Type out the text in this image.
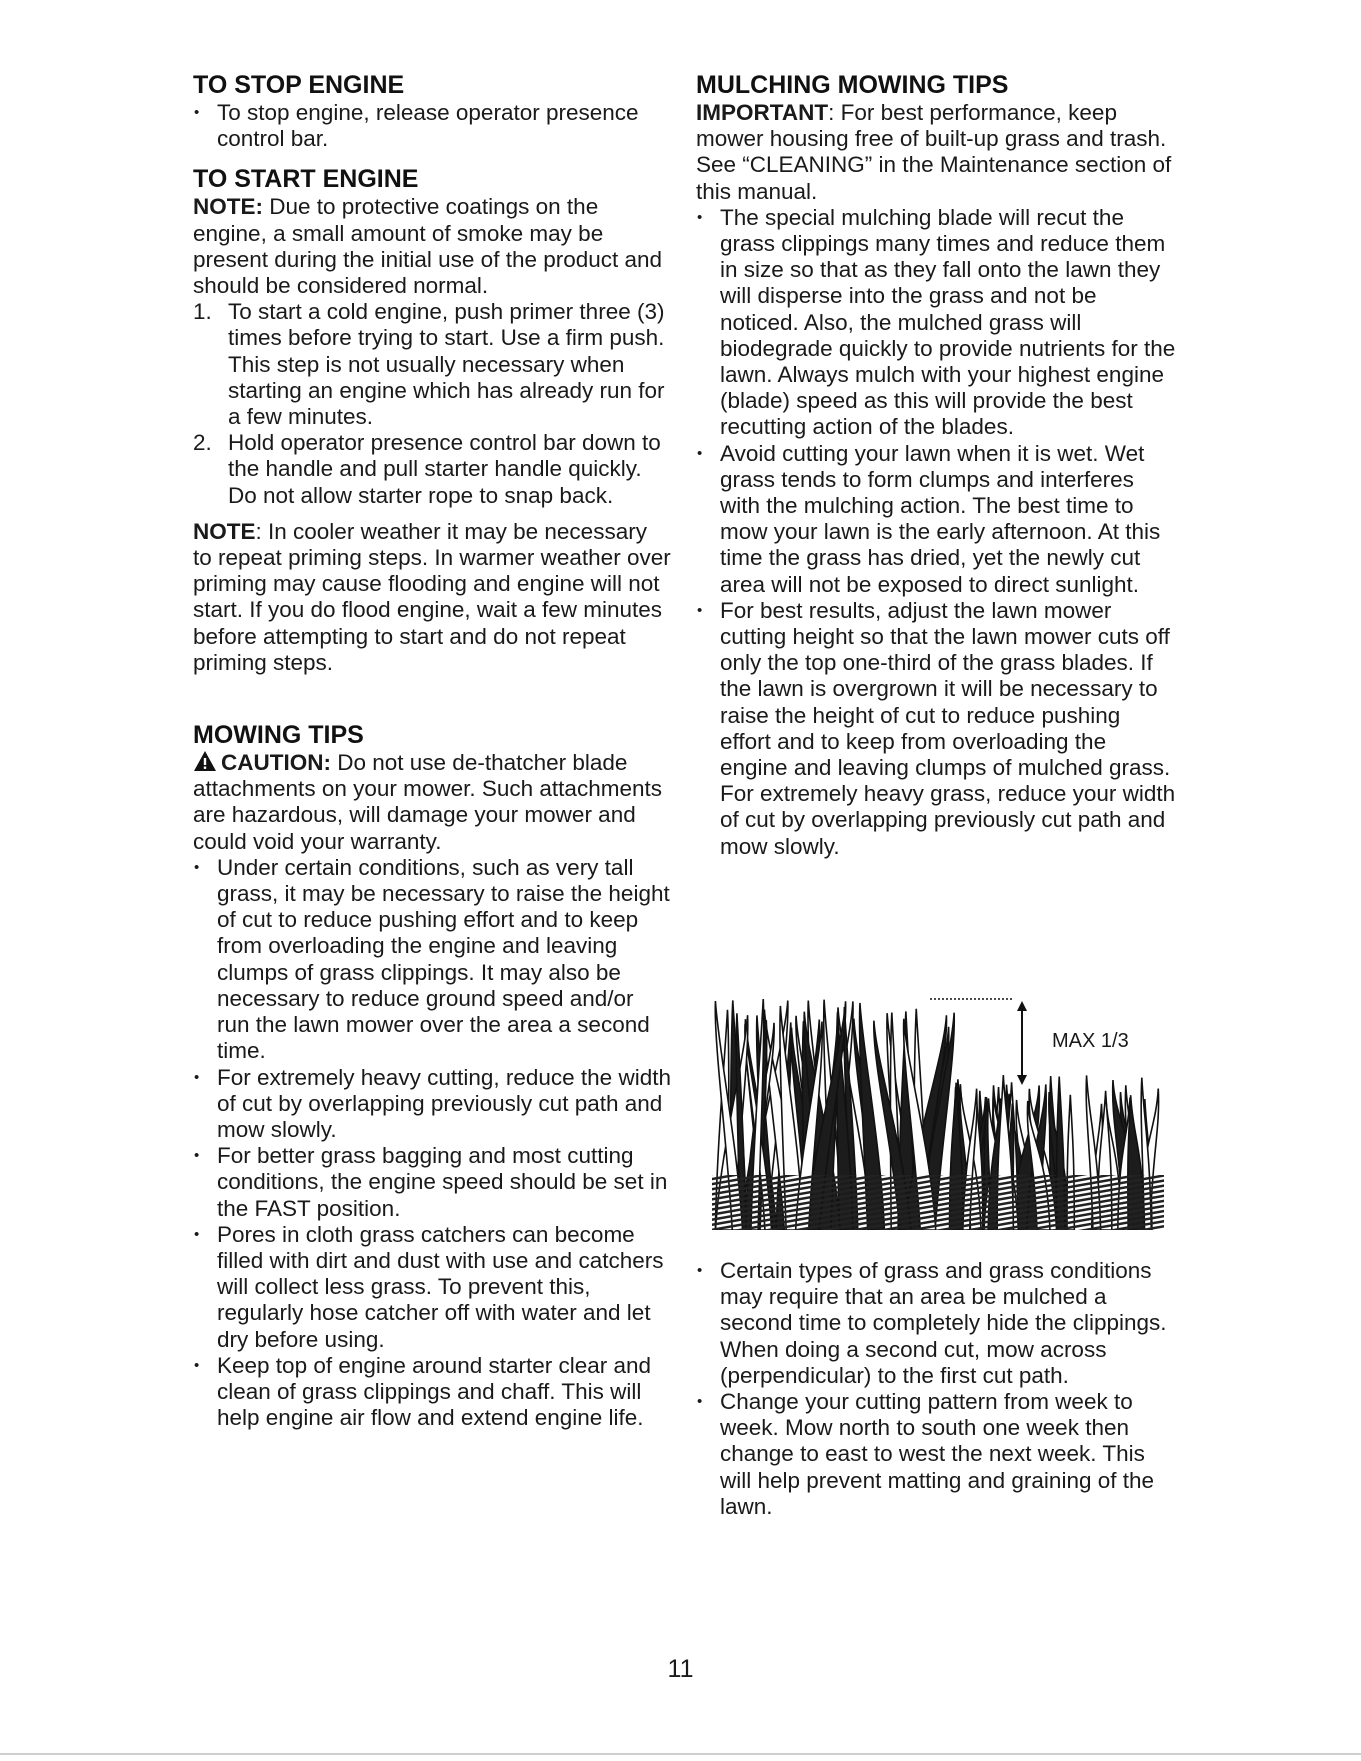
TO STOP ENGINE
• To stop engine, release operator presence control bar.
TO START ENGINE

NOTE: Due to protective coatings on the engine, a small amount of smoke may be present during the initial use of the product and should be considered normal.

1. To start a cold engine, push primer three (3) times before trying to start. Use a firm push. This step is not usually necessary when starting an engine which has already run for a few minutes.
2. Hold operator presence control bar down to the handle and pull starter handle quickly. Do not allow starter rope to snap back.

NOTE: In cooler weather it may be necessary to repeat priming steps. In warmer weather over priming may cause flooding and engine will not start. If you do flood engine, wait a few minutes before attempting to start and do not repeat priming steps.

MOWING TIPS

CAUTION: Do not use de-thatcher blade attachments on your mower. Such attachments are hazardous, will damage your mower and could void your warranty.

• Under certain conditions, such as very tall grass, it may be necessary to raise the height of cut to reduce pushing effort and to keep from overloading the engine and leaving clumps of grass clippings. It may also be necessary to reduce ground speed and/or run the lawn mower over the area a second time.
• For extremely heavy cutting, reduce the width of cut by overlapping previously cut path and mow slowly.
• For better grass bagging and most cutting conditions, the engine speed should be set in the FAST position.
• Pores in cloth grass catchers can become filled with dirt and dust with use and catchers will collect less grass. To prevent this, regularly hose catcher off with water and let dry before using.
• Keep top of engine around starter clear and clean of grass clippings and chaff. This will help engine air flow and extend engine life.
MULCHING MOWING TIPS

IMPORTANT: For best performance, keep mower housing free of built-up grass and trash. See “CLEANING” in the Maintenance section of this manual.

• The special mulching blade will recut the grass clippings many times and reduce them in size so that as they fall onto the lawn they will disperse into the grass and not be noticed. Also, the mulched grass will biodegrade quickly to provide nutrients for the lawn. Always mulch with your highest engine (blade) speed as this will provide the best recutting action of the blades.
• Avoid cutting your lawn when it is wet. Wet grass tends to form clumps and interferes with the mulching action. The best time to mow your lawn is the early afternoon. At this time the grass has dried, yet the newly cut area will not be exposed to direct sunlight.
• For best results, adjust the lawn mower cutting height so that the lawn mower cuts off only the top one-third of the grass blades. If the lawn is overgrown it will be necessary to raise the height of cut to reduce pushing effort and to keep from overloading the engine and leaving clumps of mulched grass. For extremely heavy grass, reduce your width of cut by overlapping previously cut path and mow slowly.
MAX 1/3
• Certain types of grass and grass conditions may require that an area be mulched a second time to completely hide the clippings. When doing a second cut, mow across (perpendicular) to the first cut path.
• Change your cutting pattern from week to week. Mow north to south one week then change to east to west the next week. This will help prevent matting and graining of the lawn.
11
